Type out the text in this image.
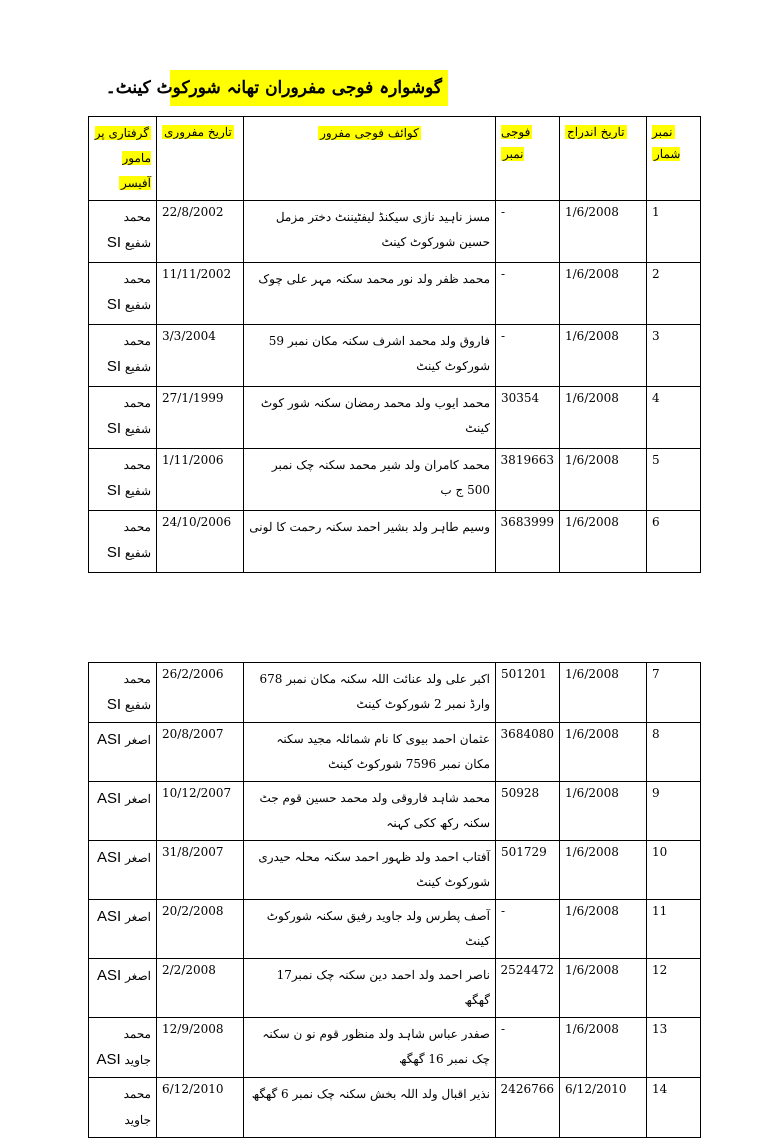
گوشوارہ فوجی مفروران تھانہ شورکوٹ کینٹ۔
نمبر شمار	تاریخ اندراج	فوجی نمبر	کوائف فوجی مفرور	تاریخ مفروری	گرفتاری پر مامور آفیسر
1	1/6/2008	-	مسز ناہید نازی سیکنڈ لیفٹیننٹ دختر مزمل حسین شورکوٹ کینٹ	22/8/2002	محمد شفیع SI
2	1/6/2008	-	محمد ظفر ولد نور محمد سکنہ مہر علی چوک	11/11/2002	محمد شفیع SI
3	1/6/2008	-	فاروق ولد محمد اشرف سکنہ مکان نمبر 59 شورکوٹ کینٹ	3/3/2004	محمد شفیع SI
4	1/6/2008	30354	محمد ایوب ولد محمد رمضان سکنہ شور کوٹ کینٹ	27/1/1999	محمد شفیع SI
5	1/6/2008	3819663	محمد کامران ولد شیر محمد سکنہ چک نمبر 500 ج ب	1/11/2006	محمد شفیع SI
6	1/6/2008	3683999	وسیم طاہر ولد بشیر احمد سکنہ رحمت کا لونی	24/10/2006	محمد شفیع SI
7	1/6/2008	501201	اکبر علی ولد عنائت اللہ سکنہ مکان نمبر 678 وارڈ نمبر 2 شورکوٹ کینٹ	26/2/2006	محمد شفیع SI
8	1/6/2008	3684080	عثمان احمد بیوی کا نام شمائلہ مجید سکنہ مکان نمبر 7596 شورکوٹ کینٹ	20/8/2007	اصغر ASI
9	1/6/2008	50928	محمد شاہد فاروقی ولد محمد حسین قوم جٹ سکنہ رکھ ککی کہنہ	10/12/2007	اصغر ASI
10	1/6/2008	501729	آفتاب احمد ولد ظہور احمد سکنہ محلہ حیدری شورکوٹ کینٹ	31/8/2007	اصغر ASI
11	1/6/2008	-	آصف پطرس ولد جاوید رفیق سکنہ شورکوٹ کینٹ	20/2/2008	اصغر ASI
12	1/6/2008	2524472	ناصر احمد ولد احمد دین سکنہ چک نمبر17 گھگھ	2/2/2008	اصغر ASI
13	1/6/2008	-	صفدر عباس شاہد ولد منظور قوم نو ن سکنہ چک نمبر 16 گھگھ	12/9/2008	محمد جاوید ASI
14	6/12/2010	2426766	نذیر اقبال ولد اللہ بخش سکنہ چک نمبر 6 گھگھ	6/12/2010	محمد جاوید
